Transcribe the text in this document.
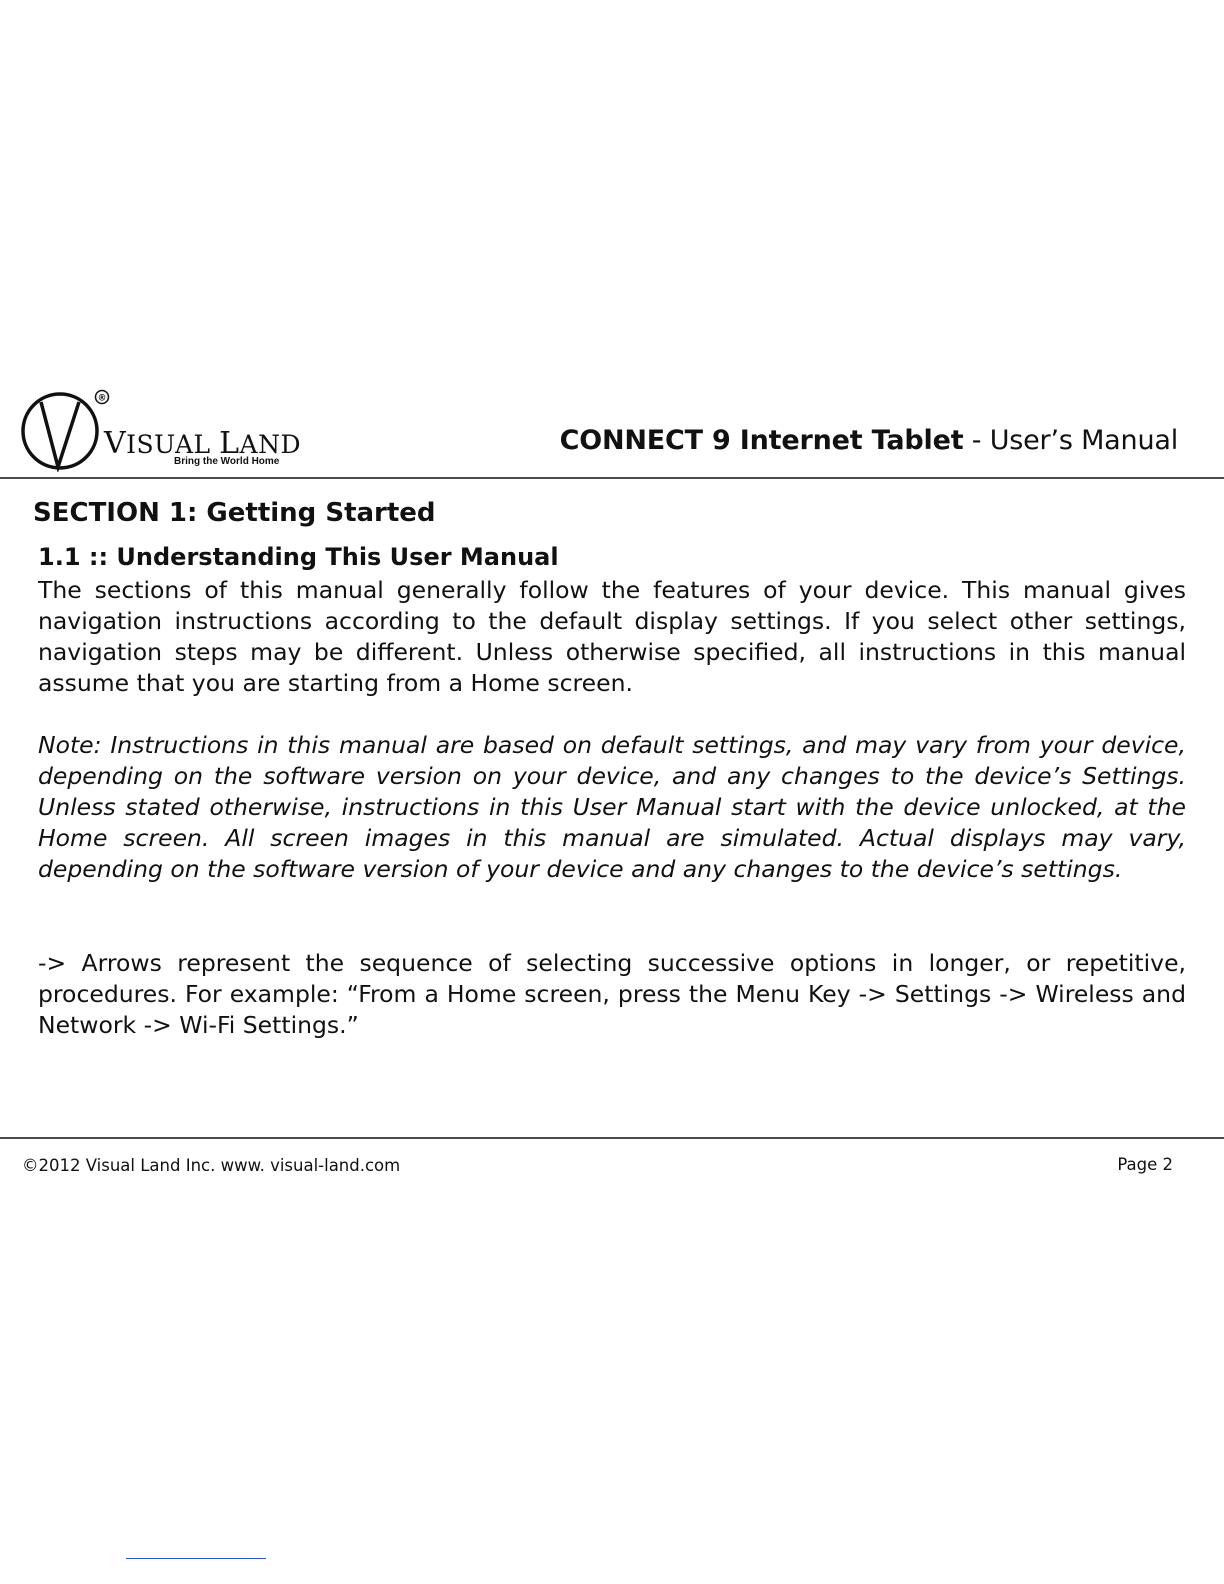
®
VISUAL LAND
Bring the World Home
CONNECT 9 Internet Tablet - User’s Manual
SECTION 1: Getting Started
1.1 :: Understanding This User Manual

The sections of this manual generally follow the features of your device. This manual gives navigation instructions according to the default display settings. If you select other settings, navigation steps may be different. Unless otherwise specified, all instructions in this manual assume that you are starting from a Home screen.

Note: Instructions in this manual are based on default settings, and may vary from your device, depending on the software version on your device, and any changes to the device’s Settings. Unless stated otherwise, instructions in this User Manual start with the device unlocked, at the Home screen. All screen images in this manual are simulated. Actual displays may vary, depending on the software version of your device and any changes to the device’s settings.

-> Arrows represent the sequence of selecting successive options in longer, or repetitive, procedures. For example: “From a Home screen, press the Menu Key -> Settings -> Wireless and Network -> Wi-Fi Settings.”

©2012 Visual Land Inc. www. visual-land.com	Page 2
